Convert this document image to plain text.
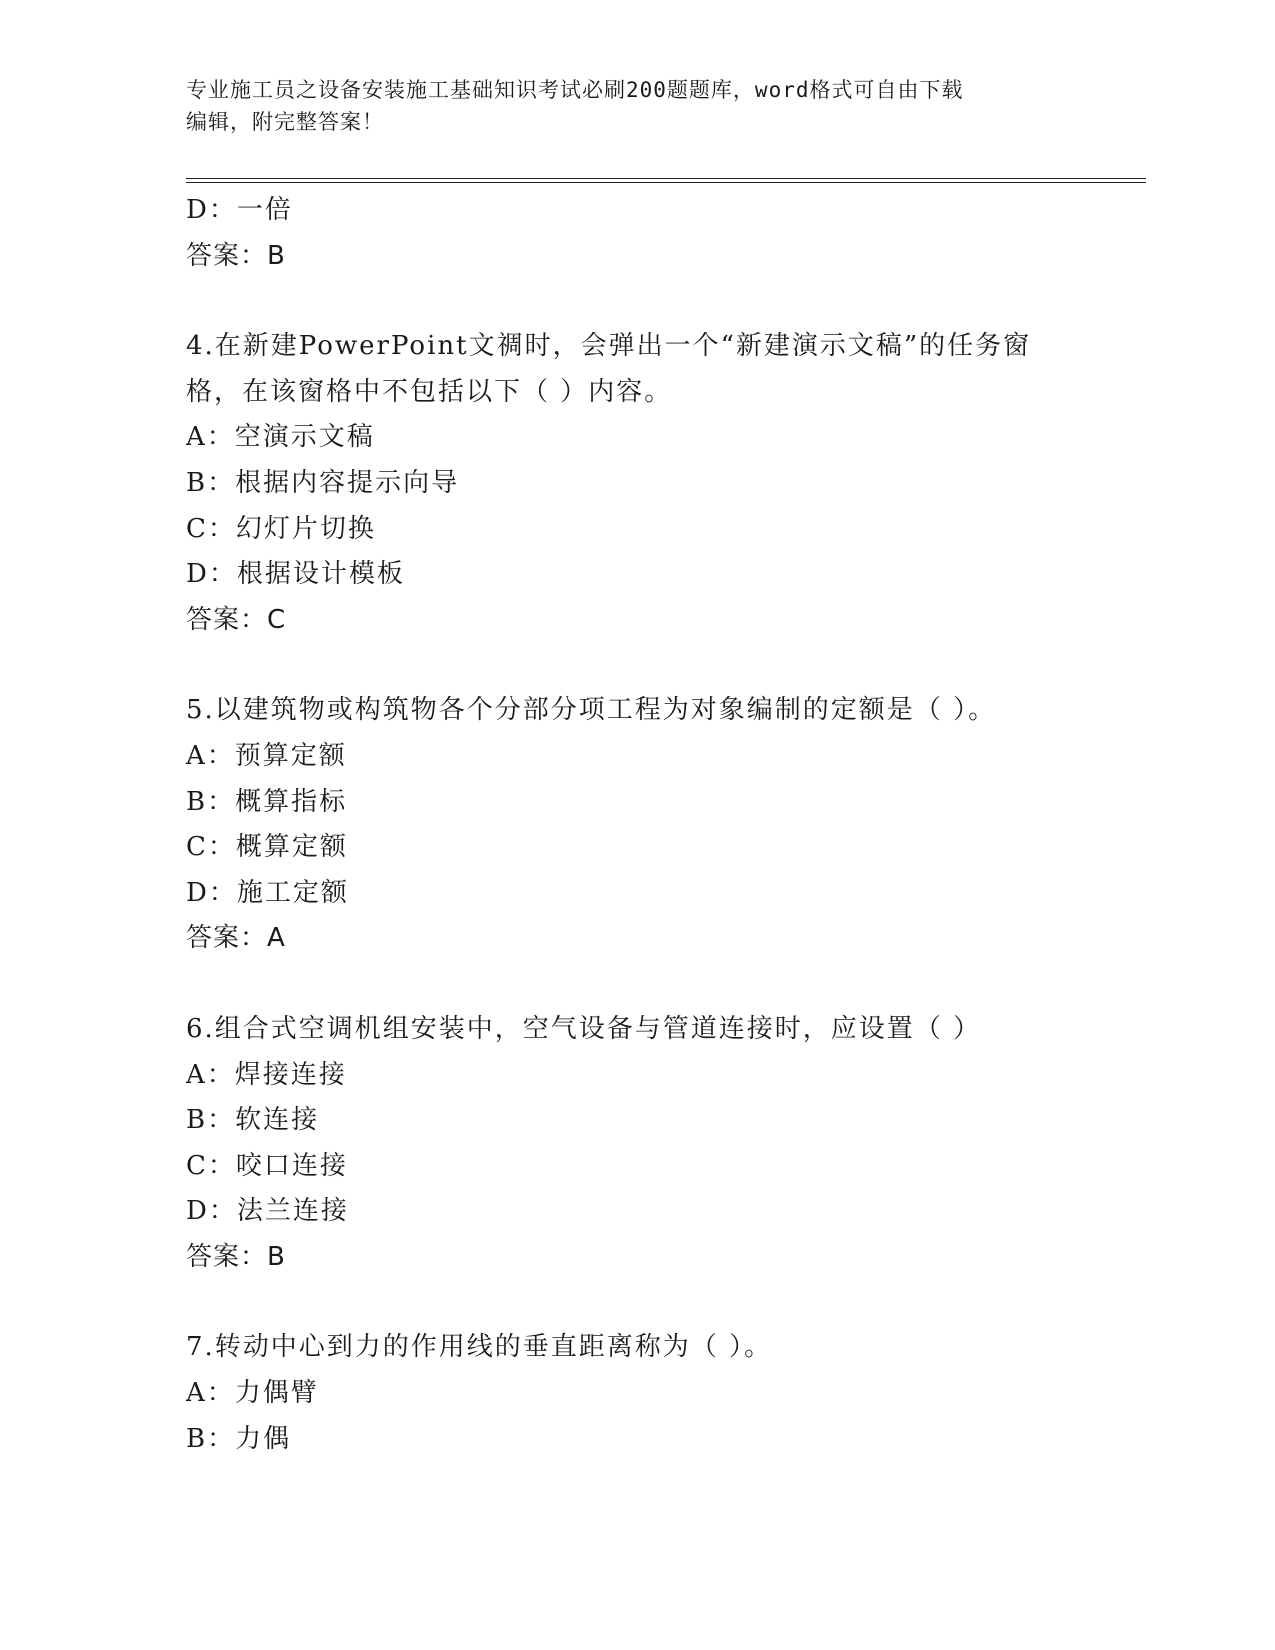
专业施工员之设备安装施工基础知识考试必刷200题题库，word格式可自由下载
编辑，附完整答案！
D：一倍
答案：B
4.在新建PowerPoint文禂时，会弹出一个“新建演示文稿”的任务窗
格，在该窗格中不包括以下（ ）内容。
A：空演示文稿
B：根据内容提示向导
C：幻灯片切换
D：根据设计模板
答案：C
5.以建筑物或构筑物各个分部分项工程为对象编制的定额是（ ）。
A：预算定额
B：概算指标
C：概算定额
D：施工定额
答案：A
6.组合式空调机组安装中，空气设备与管道连接时，应设置（ ）
A：焊接连接
B：软连接
C：咬口连接
D：法兰连接
答案：B
7.转动中心到力的作用线的垂直距离称为（ ）。
A：力偶臂
B：力偶
